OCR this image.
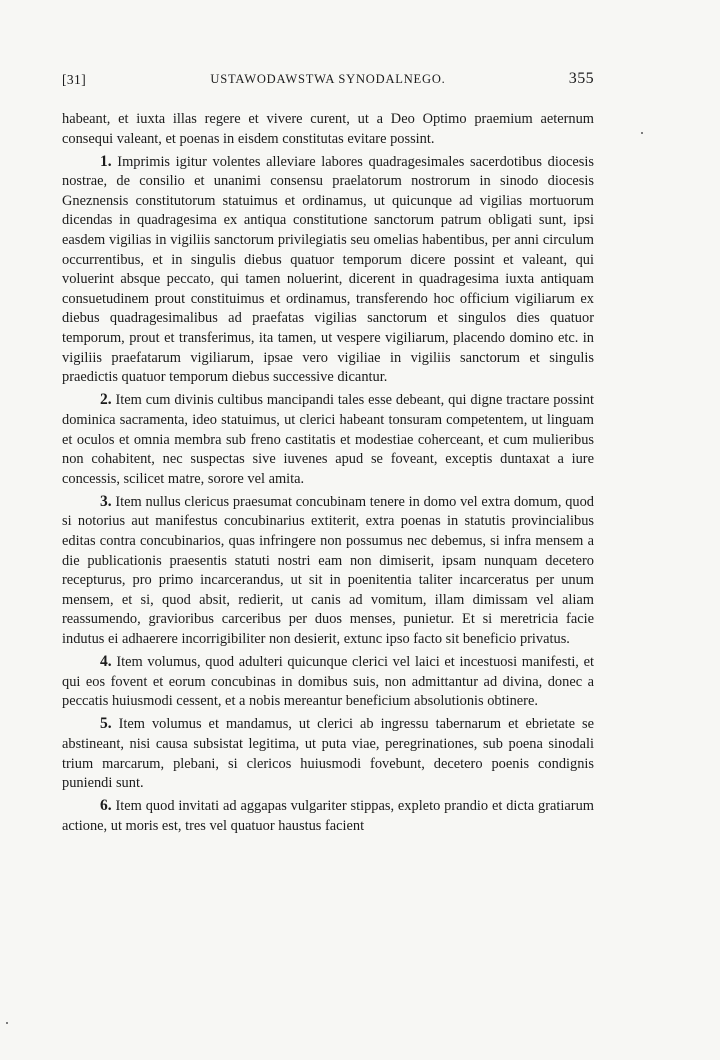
[31]	USTAWODAWSTWA SYNODALNEGO.	355

habeant, et iuxta illas regere et vivere curent, ut a Deo Optimo praemium aeternum consequi valeant, et poenas in eisdem constitutas evitare possint.

1. Imprimis igitur volentes alleviare labores quadragesimales sacerdotibus diocesis nostrae, de consilio et unanimi consensu praelatorum nostrorum in sinodo diocesis Gneznensis constitutorum statuimus et ordinamus, ut quicunque ad vigilias mortuorum dicendas in quadragesima ex antiqua constitutione sanctorum patrum obligati sunt, ipsi easdem vigilias in vigiliis sanctorum privilegiatis seu omelias habentibus, per anni circulum occurrentibus, et in singulis diebus quatuor temporum dicere possint et valeant, qui voluerint absque peccato, qui tamen noluerint, dicerent in quadragesima iuxta antiquam consuetudinem prout constituimus et ordinamus, transferendo hoc officium vigiliarum ex diebus quadragesimalibus ad praefatas vigilias sanctorum et singulos dies quatuor temporum, prout et transferimus, ita tamen, ut vespere vigiliarum, placendo domino etc. in vigiliis praefatarum vigiliarum, ipsae vero vigiliae in vigiliis sanctorum et singulis praedictis quatuor temporum diebus successive dicantur.

2. Item cum divinis cultibus mancipandi tales esse debeant, qui digne tractare possint dominica sacramenta, ideo statuimus, ut clerici habeant tonsuram competentem, ut linguam et oculos et omnia membra sub freno castitatis et modestiae coherceant, et cum mulieribus non cohabitent, nec suspectas sive iuvenes apud se foveant, exceptis duntaxat a iure concessis, scilicet matre, sorore vel amita.

3. Item nullus clericus praesumat concubinam tenere in domo vel extra domum, quod si notorius aut manifestus concubinarius extiterit, extra poenas in statutis provincialibus editas contra concubinarios, quas infringere non possumus nec debemus, si infra mensem a die publicationis praesentis statuti nostri eam non dimiserit, ipsam nunquam decetero recepturus, pro primo incarcerandus, ut sit in poenitentia taliter incarceratus per unum mensem, et si, quod absit, redierit, ut canis ad vomitum, illam dimissam vel aliam reassumendo, gravioribus carceribus per duos menses, punietur. Et si meretricia facie indutus ei adhaerere incorrigibiliter non desierit, extunc ipso facto sit beneficio privatus.

4. Item volumus, quod adulteri quicunque clerici vel laici et incestuosi manifesti, et qui eos fovent et eorum concubinas in domibus suis, non admittantur ad divina, donec a peccatis huiusmodi cessent, et a nobis mereantur beneficium absolutionis obtinere.

5. Item volumus et mandamus, ut clerici ab ingressu tabernarum et ebrietate se abstineant, nisi causa subsistat legitima, ut puta viae, peregrinationes, sub poena sinodali trium marcarum, plebani, si clericos huiusmodi fovebunt, decetero poenis condignis puniendi sunt.

6. Item quod invitati ad aggapas vulgariter stippas, expleto prandio et dicta gratiarum actione, ut moris est, tres vel quatuor haustus facient
